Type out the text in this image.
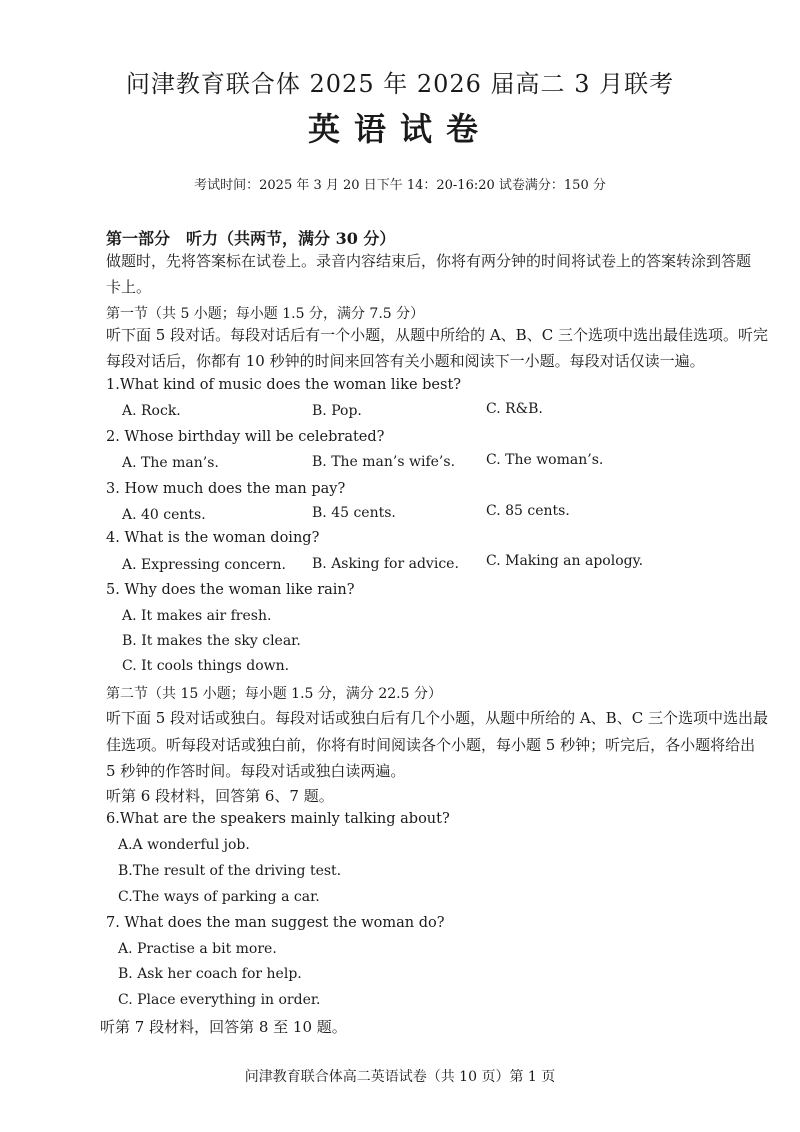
问津教育联合体 2025 年 2026 届高二 3 月联考
英语试卷
考试时间：2025 年 3 月 20 日下午 14：20-16:20 试卷满分：150 分
第一部分　听力（共两节，满分 30 分）
做题时，先将答案标在试卷上。录音内容结束后，你将有两分钟的时间将试卷上的答案转涂到答题
卡上。
第一节（共 5 小题；每小题 1.5 分，满分 7.5 分）
听下面 5 段对话。每段对话后有一个小题，从题中所给的 A、B、C 三个选项中选出最佳选项。听完
每段对话后，你都有 10 秒钟的时间来回答有关小题和阅读下一小题。每段对话仅读一遍。
1.What kind of music does the woman like best?
A. Rock.	B. Pop.	C. R&B.
2. Whose birthday will be celebrated?
A. The man’s.	B. The man’s wife’s. C. The woman’s.
3. How much does the man pay?
A. 40 cents.	B. 45 cents.	C. 85 cents.
4. What is the woman doing?
A. Expressing concern. B. Asking for advice. C. Making an apology.
5. Why does the woman like rain?
A. It makes air fresh.
B. It makes the sky clear.
C. It cools things down.
第二节（共 15 小题；每小题 1.5 分，满分 22.5 分）
听下面 5 段对话或独白。每段对话或独白后有几个小题，从题中所给的 A、B、C 三个选项中选出最
佳选项。听每段对话或独白前，你将有时间阅读各个小题，每小题 5 秒钟；听完后，各小题将给出
5 秒钟的作答时间。每段对话或独白读两遍。
听第 6 段材料，回答第 6、7 题。
6.What are the speakers mainly talking about?
A.A wonderful job.
B.The result of the driving test.
C.The ways of parking a car.
7. What does the man suggest the woman do?
A. Practise a bit more.
B. Ask her coach for help.
C. Place everything in order.
听第 7 段材料，回答第 8 至 10 题。
问津教育联合体高二英语试卷（共 10 页）第 1 页
